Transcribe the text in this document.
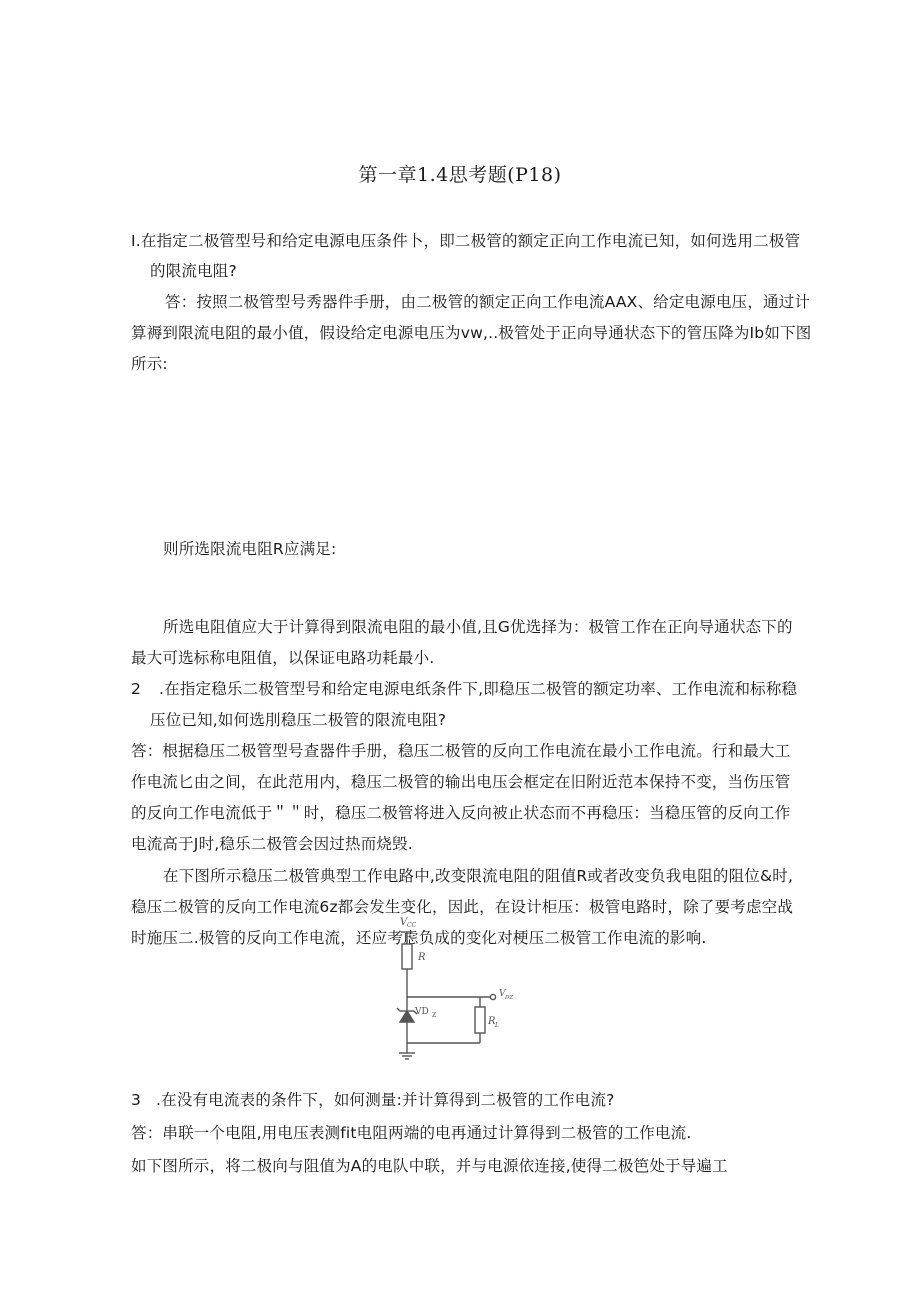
第一章1.4思考题(P18)
I.在指定二极管型号和给定电源电压条件卜，即二极管的额定正向工作电流已知，如何选用二极管
的限流电阻?
答：按照二极管型号秀器件手册，由二极管的额定正向工作电流AAX、给定电源电压，通过计
算褥到限流电阻的最小值，假设给定电源电压为vw,..极管处于正向导通状态下的管压降为Ib如下图
所示:
则所选限流电阻R应满足:
所选电阻值应大于计算得到限流电阻的最小值,且G优选择为：极管工作在正向导通状态下的
最大可选标称电阻值，以保证电路功耗最小.
2 .在指定稳乐二极管型号和给定电源电纸条件下,即稳压二极管的额定功率、工作电流和标称稳
压位已知,如何选刖稳压二极管的限流电阻?
答：根据稳压二极管型号查器件手册，稳压二极管的反向工作电流在最小工作电流。行和最大工
作电流匕由之间，在此范用内，稳压二极管的输出电压会框定在旧附近范本保持不变，当伤压管
的反向工作电流低于＂＂时，稳压二极管将进入反向被止状态而不再稳压：当稳压管的反向工作
电流高于J时,稳乐二极管会因过热而烧毁.
在下图所示稳压二极管典型工作电路中,改变限流电阻的阻值R或者改变负我电阻的阻位&时,
稳压二极管的反向工作电流6z都会发生变化，因此，在设计柜压：极管电路时，除了要考虑空战
时施压二.极管的反向工作电流，还应考虑负成的变化对梗压二极管工作电流的影响.
V CC
R
VD Z
V DZ
R L
3 .在没有电流表的条件下，如何测量:并计算得到二极管的工作电流?
答：串联一个电阻,用电压表测fit电阻两端的电再通过计算得到二极管的工作电流.
如下图所示，将二极向与阻值为A的电队中联，并与电源依连接,使得二极笆处于导遍工
